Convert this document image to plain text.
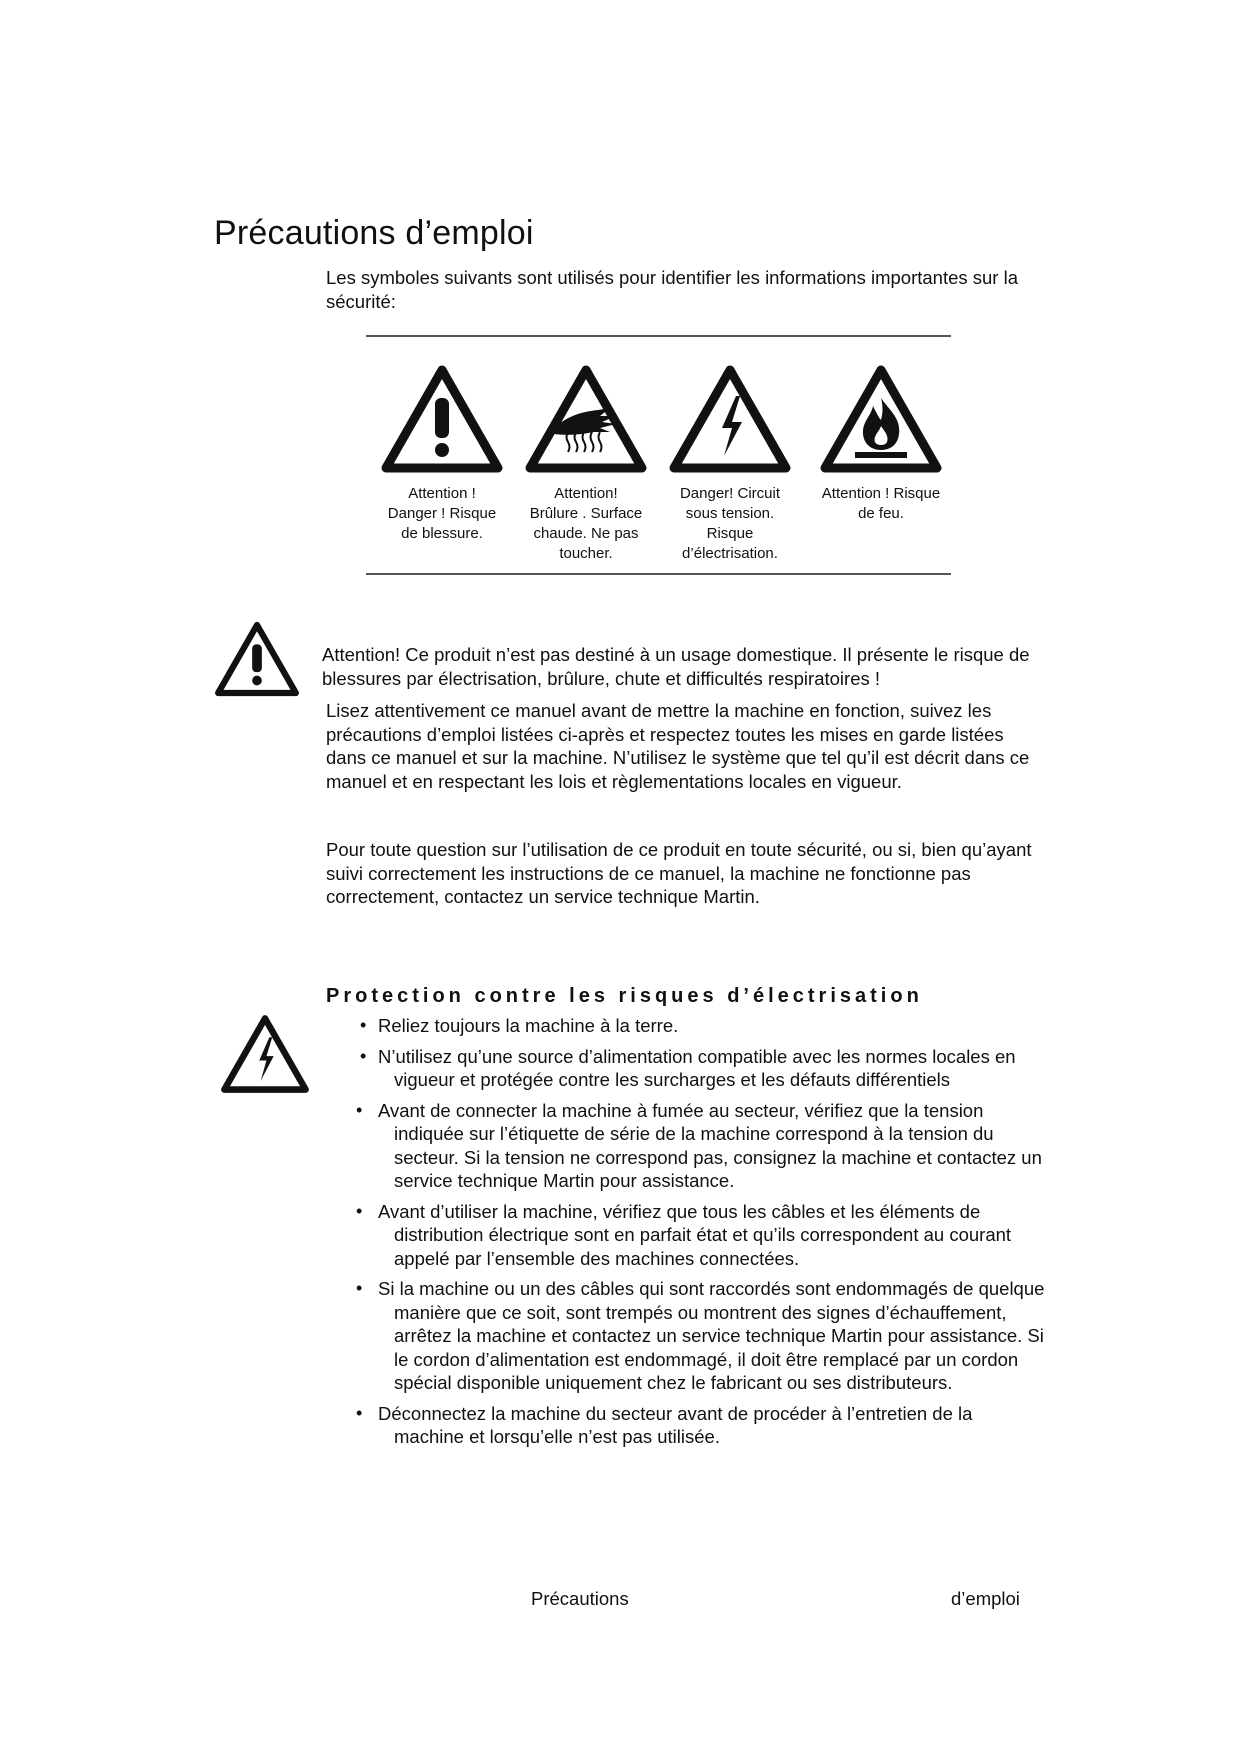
Précautions d’emploi

Les symboles suivants sont utilisés pour identifier les informations importantes sur la sécurité:

Attention !
Danger ! Risque
de blessure.
Attention!
Brûlure . Surface
chaude. Ne pas
toucher.
Danger! Circuit
sous tension.
Risque
d’électrisation.
Attention ! Risque
de feu.

Attention! Ce produit n’est pas destiné à un usage domestique. Il présente le risque de blessures par électrisation, brûlure, chute et difficultés respiratoires !

Lisez attentivement ce manuel avant de mettre la machine en fonction, suivez les précautions d’emploi listées ci-après et respectez toutes les mises en garde listées dans ce manuel et sur la machine. N’utilisez le système que tel qu’il est décrit dans ce manuel et en respectant les lois et règlementations locales en vigueur.

Pour toute question sur l’utilisation de ce produit en toute sécurité, ou si, bien qu’ayant suivi correctement les instructions de ce manuel, la machine ne fonctionne pas correctement, contactez un service technique Martin.

Protection contre les risques d’électrisation
• Reliez toujours la machine à la terre.
• N’utilisez qu’une source d’alimentation compatible avec les normes locales en vigueur et protégée contre les surcharges et les défauts différentiels
• Avant de connecter la machine à fumée au secteur, vérifiez que la tension indiquée sur l’étiquette de série de la machine correspond à la tension du secteur. Si la tension ne correspond pas, consignez la machine et contactez un service technique Martin pour assistance.
• Avant d’utiliser la machine, vérifiez que tous les câbles et les éléments de distribution électrique sont en parfait état et qu’ils correspondent au courant appelé par l’ensemble des machines connectées.
• Si la machine ou un des câbles qui sont raccordés sont endommagés de quelque manière que ce soit, sont trempés ou montrent des signes d’échauffement, arrêtez la machine et contactez un service technique Martin pour assistance. Si le cordon d’alimentation est endommagé, il doit être remplacé par un cordon spécial disponible uniquement chez le fabricant ou ses distributeurs.
• Déconnectez la machine du secteur avant de procéder à l’entretien de la machine et lorsqu’elle n’est pas utilisée.
Précautions	d’emploi
